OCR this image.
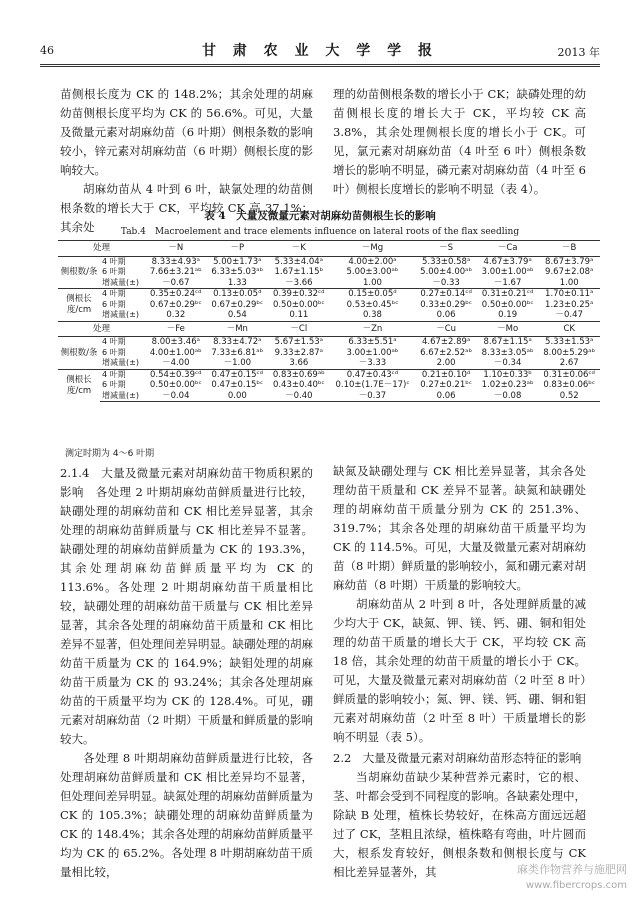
46	甘 肃 农 业 大 学 学 报	2013 年

苗侧根长度为 CK 的 148.2%；其余处理的胡麻幼苗侧根长度平均为 CK 的 56.6%。可见，大量及微量元素对胡麻幼苗（6 叶期）侧根条数的影响较小，锌元素对胡麻幼苗（6 叶期）侧根长度的影响较大。

胡麻幼苗从 4 叶到 6 叶，缺氯处理的幼苗侧根条数的增长大于 CK，平均较 CK 高 37.1%；其余处

理的幼苗侧根条数的增长小于 CK；缺磷处理的幼苗侧根长度的增长大于 CK，平均较 CK 高 3.8%，其余处理侧根长度的增长小于 CK。可见，氯元素对胡麻幼苗（4 叶至 6 叶）侧根条数增长的影响不明显，磷元素对胡麻幼苗（4 叶至 6 叶）侧根长度增长的影响不明显（表 4）。

表 4　大量及微量元素对胡麻幼苗侧根生长的影响
Tab.4　Macroelement and trace elements influence on lateral roots of the flax seedling
处理		－N	－P	－K	－Mg	－S	－Ca	－B
侧根数/条	4 叶期	8.33±4.93ᵃ	5.00±1.73ᵃ	5.33±4.04ᵃ	4.00±2.00ᵃ	5.33±0.58ᵃ	4.67±3.79ᵃ	8.67±3.79ᵃ
	6 叶期	7.66±3.21ᵃᵇ	6.33±5.03ᵃᵇ	1.67±1.15ᵇ	5.00±3.00ᵃᵇ	5.00±4.00ᵃᵇ	3.00±1.00ᵃᵇ	9.67±2.08ᵃ
	增减量(±)	－0.67	1.33	－3.66	1.00	－0.33	－1.67	1.00
侧根长度/cm	4 叶期	0.35±0.24ᶜᵈ	0.13±0.05ᵈ	0.39±0.32ᶜᵈ	0.15±0.05ᵈ	0.27±0.14ᶜᵈ	0.31±0.21ᶜᵈ	1.70±0.11ᵃ
	6 叶期	0.67±0.29ᵇᶜ	0.67±0.29ᵇᶜ	0.50±0.00ᵇᶜ	0.53±0.45ᵇᶜ	0.33±0.29ᵇᶜ	0.50±0.00ᵇᶜ	1.23±0.25ᵃ
	增减量(±)	0.32	0.54	0.11	0.38	0.06	0.19	－0.47
处理		－Fe	－Mn	－Cl	－Zn	－Cu	－Mo	CK
侧根数/条	4 叶期	8.00±3.46ᵃ	8.33±4.72ᵃ	5.67±1.53ᵃ	6.33±5.51ᵃ	4.67±2.89ᵃ	8.67±1.15ᵃ	5.33±1.53ᵃ
	6 叶期	4.00±1.00ᵃᵇ	7.33±6.81ᵃᵇ	9.33±2.87ᵃ	3.00±1.00ᵃᵇ	6.67±2.52ᵃᵇ	8.33±3.05ᵃᵇ	8.00±5.29ᵃᵇ
	增减量(±)	－4.00	－1.00	3.66	－3.33	2.00	－0.34	2.67
侧根长度/cm	4 叶期	0.54±0.39ᶜᵈ	0.47±0.15ᶜᵈ	0.83±0.69ᵃᵇ	0.47±0.43ᶜᵈ	0.21±0.10ᵈ	1.10±0.33ᵇ	0.31±0.06ᶜᵈ
	6 叶期	0.50±0.00ᵇᶜ	0.47±0.15ᵇᶜ	0.43±0.40ᵇᶜ	0.10±(1.7E－17)ᶜ	0.27±0.21ᵇᶜ	1.02±0.23ᵃᵇ	0.83±0.06ᵇᶜ
	增减量(±)	－0.04	0.00	－0.40	－0.37	0.06	－0.08	0.52
测定时期为 4～6 叶期

2.1.4　大量及微量元素对胡麻幼苗干物质积累的影响　各处理 2 叶期胡麻幼苗鲜质量进行比较，缺硼处理的胡麻幼苗和 CK 相比差异显著，其余处理的胡麻幼苗鲜质量与 CK 相比差异不显著。缺硼处理的胡麻幼苗鲜质量为 CK 的 193.3%，其余处理胡麻幼苗鲜质量平均为 CK 的 113.6%。各处理 2 叶期胡麻幼苗干质量相比较，缺硼处理的胡麻幼苗干质量与 CK 相比差异显著，其余各处理的胡麻幼苗干质量和 CK 相比差异不显著，但处理间差异明显。缺硼处理的胡麻幼苗干质量为 CK 的 164.9%；缺钼处理的胡麻幼苗干质量为 CK 的 93.24%；其余各处理胡麻幼苗的干质量平均为 CK 的 128.4%。可见，硼元素对胡麻幼苗（2 叶期）干质量和鲜质量的影响较大。

各处理 8 叶期胡麻幼苗鲜质量进行比较，各处理胡麻幼苗鲜质量和 CK 相比差异均不显著，但处理间差异明显。缺氮处理的胡麻幼苗鲜质量为 CK 的 105.3%；缺硼处理的胡麻幼苗鲜质量为 CK 的 148.4%；其余各处理的胡麻幼苗鲜质量平均为 CK 的 65.2%。各处理 8 叶期胡麻幼苗干质量相比较，

缺氮及缺硼处理与 CK 相比差异显著，其余各处理幼苗干质量和 CK 差异不显著。缺氮和缺硼处理的胡麻幼苗干质量分别为 CK 的 251.3%、319.7%；其余各处理的胡麻幼苗干质量平均为 CK 的 114.5%。可见，大量及微量元素对胡麻幼苗（8 叶期）鲜质量的影响较小，氮和硼元素对胡麻幼苗（8 叶期）干质量的影响较大。

胡麻幼苗从 2 叶到 8 叶，各处理鲜质量的减少均大于 CK，缺氮、钾、镁、钙、硼、铜和钼处理的幼苗干质量的增长大于 CK，平均较 CK 高 18 倍，其余处理的幼苗干质量的增长小于 CK。可见，大量及微量元素对胡麻幼苗（2 叶至 8 叶）鲜质量的影响较小；氮、钾、镁、钙、硼、铜和钼元素对胡麻幼苗（2 叶至 8 叶）干质量增长的影响不明显（表 5）。

2.2　大量及微量元素对胡麻幼苗形态特征的影响

当胡麻幼苗缺少某种营养元素时，它的根、茎、叶都会受到不同程度的影响。各缺素处理中，除缺 B 处理，植株长势较好，在株高方面远远超过了 CK，茎粗且浓绿，植株略有弯曲，叶片圆而大，根系发育较好，侧根条数和侧根长度与 CK 相比差异显著外，其	麻类作物营养与施肥网
www.fibercrops.com
